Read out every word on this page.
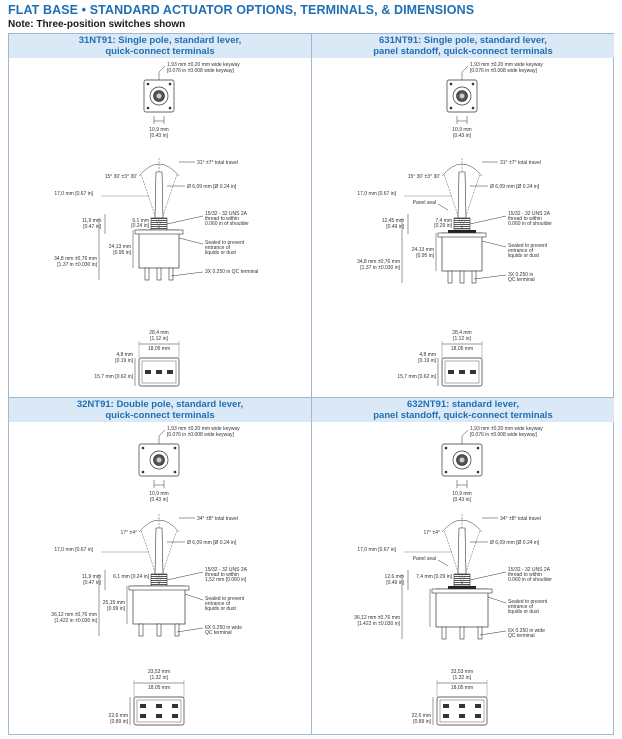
FLAT BASE • STANDARD ACTUATOR OPTIONS, TERMINALS, & DIMENSIONS
Note: Three-position switches shown
31NT91: Single pole, standard lever,
quick-connect terminals
1,93 mm ±0,20 mm wide keyway
[0.076 in ±0.008 wide keyway]
10,9 mm
[0.43 in]
31° ±7° total travel
15° 30' ±3° 30'
Ø 6,09 mm [Ø 0.24 in]
17,0 mm [0.67 in]
11,9 mm
[0.47 in]
6,1 mm
[0.24 in]
24,13 mm
[0.95 in]
34,8 mm ±0,76 mm
[1.37 in ±0.030 in]
15/32 - 32 UNS 2A
thread to within
0.060 in of shoulder
Sealed to prevent
entrance of
liquids or dust
3X 0.250 in QC terminal
28,4 mm
[1.12 in]
18,05 mm
4,8 mm
[0.19 in]
15,7 mm [0.62 in]
631NT91: Single pole, standard lever,
panel standoff, quick-connect terminals
1,93 mm ±0,20 mm wide keyway
[0.076 in ±0.008 wide keyway]
10,9 mm
[0.43 in]
31° ±7° total travel
15° 30' ±3° 30'
Ø 6,09 mm [Ø 0.24 in]
Panel seal
17,0 mm [0.67 in]
12,45 mm
[0.49 in]
7,4 mm
[0.29 in]
24,13 mm
[0.95 in]
34,8 mm ±0,76 mm
[1.37 in ±0.030 in]
15/32 - 32 UNS 2A
thread to within
0.060 in of shoulder
Sealed to prevent
entrance of
liquids or dust
3X 0.250 in
QC terminal
28,4 mm
[1.12 in]
18,05 mm
4,8 mm
[0.19 in]
15,7 mm [0.62 in]
32NT91: Double pole, standard lever,
quick-connect terminals
1,93 mm ±0,20 mm wide keyway
[0.076 in ±0.008 wide keyway]
10,9 mm
[0.43 in]
34° ±8° total travel
17° ±4°
Ø 6,09 mm [Ø 0.24 in]
17,0 mm [0.67 in]
11,9 mm
[0.47 in]
6,1 mm [0.24 in]
25,15 mm
[0.99 in]
36,12 mm ±0,76 mm
[1.422 in ±0.030 in]
15/32 - 32 UNS 2A
thread to within
1,52 mm [0.060 in]
Sealed to prevent
entrance of
liquids or dust
6X 0.250 in wide
QC terminal
33,53 mm
[1.32 in]
18,05 mm
22,6 mm
[0.89 in]
632NT91: standard lever,
panel standoff, quick-connect terminals
1,93 mm ±0,20 mm wide keyway
[0.076 in ±0.008 wide keyway]
10,9 mm
[0.43 in]
34° ±8° total travel
17° ±4°
Ø 6,09 mm [Ø 0.24 in]
Panel seal
17,0 mm [0.67 in]
12,6 mm
[0.49 in]
7,4 mm [0.29 in]
36,12 mm ±0,76 mm
[1.422 in ±0.030 in]
15/32 - 32 UNS 2A
thread to within
0.060 in of shoulder
Sealed to prevent
entrance of
liquids or dust
6X 0.250 in wide
QC terminal
33,53 mm
[1.32 in]
18,05 mm
22,6 mm
[0.89 in]
